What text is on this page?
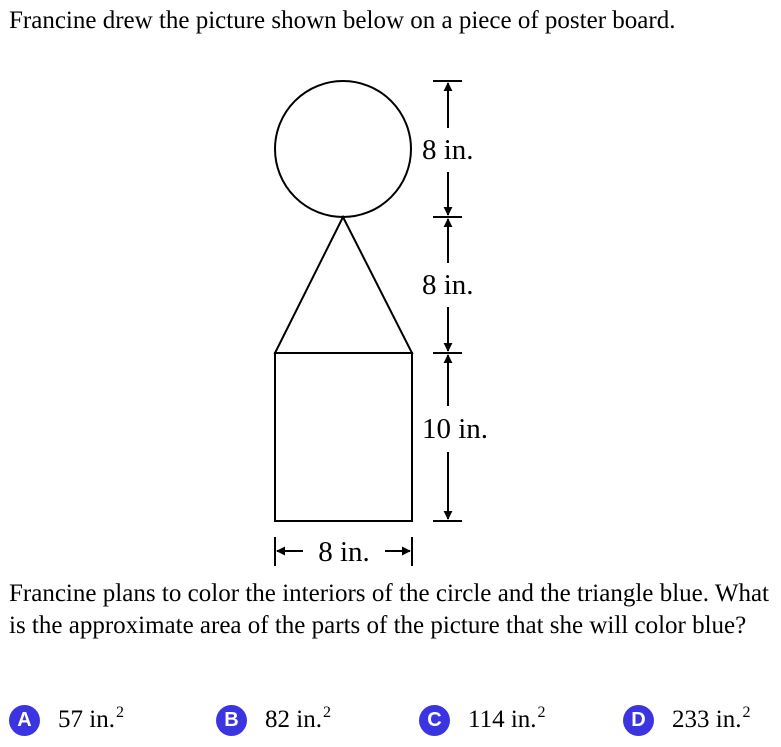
Francine drew the picture shown below on a piece of poster board.

8 in.
8 in.
10 in.
8 in.

Francine plans to color the interiors of the circle and the triangle blue. What is the approximate area of the parts of the picture that she will color blue?

A	57 in.$^2$	B	82 in.$^2$	C	114 in.$^2$	D	233 in.$^2$
